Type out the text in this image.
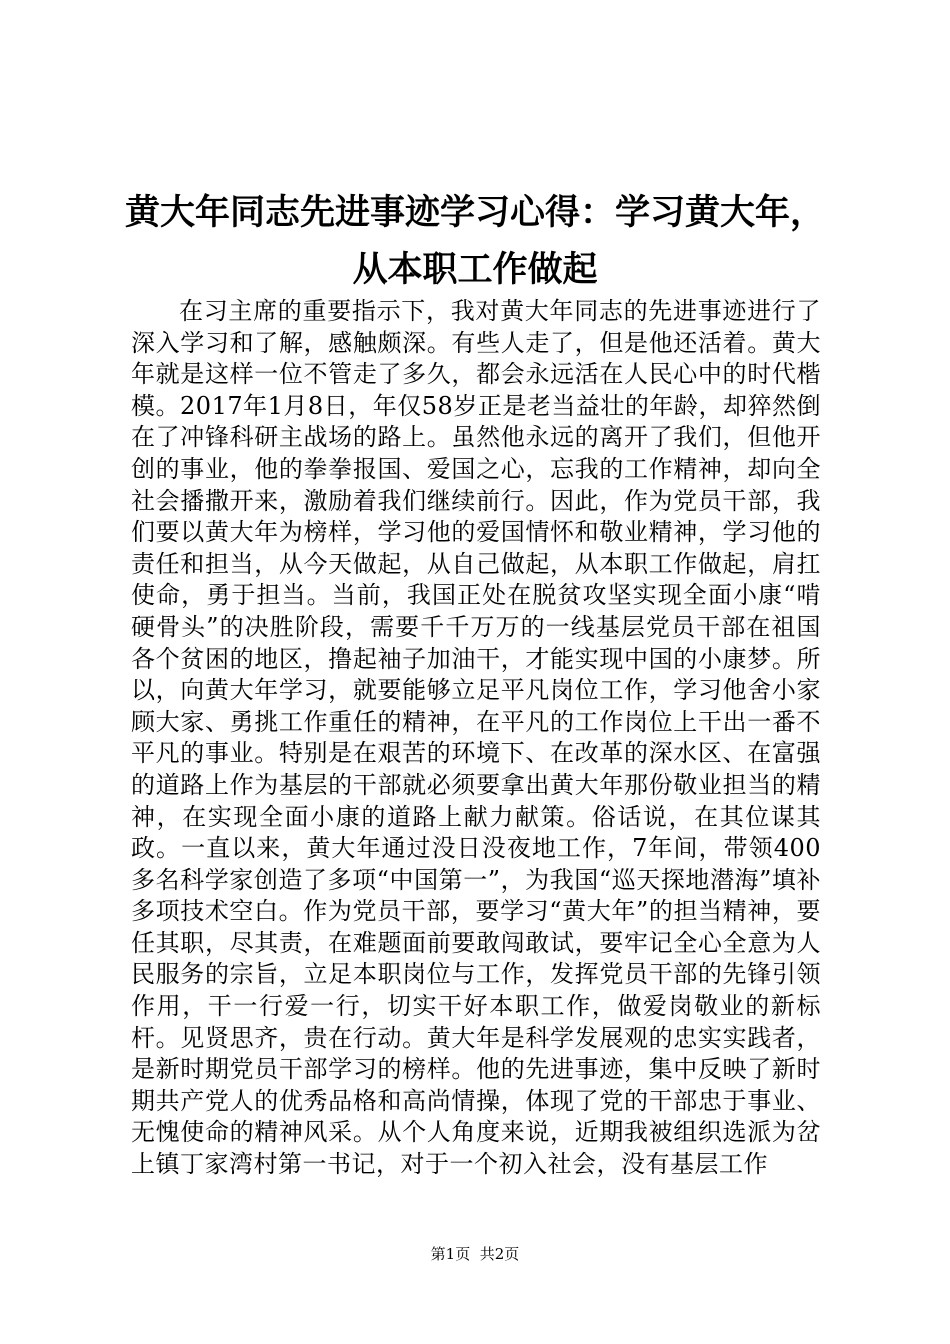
黄大年同志先进事迹学习心得：学习黄大年，
从本职工作做起

在习主席的重要指示下，我对黄大年同志的先进事迹进行了深入学习和了解，感触颇深。有些人走了，但是他还活着。黄大年就是这样一位不管走了多久，都会永远活在人民心中的时代楷模。2017年1月8日，年仅58岁正是老当益壮的年龄，却猝然倒在了冲锋科研主战场的路上。虽然他永远的离开了我们，但他开创的事业，他的拳拳报国、爱国之心，忘我的工作精神，却向全社会播撒开来，激励着我们继续前行。因此，作为党员干部，我们要以黄大年为榜样，学习他的爱国情怀和敬业精神，学习他的责任和担当，从今天做起，从自己做起，从本职工作做起，肩扛使命，勇于担当。当前，我国正处在脱贫攻坚实现全面小康“啃硬骨头”的决胜阶段，需要千千万万的一线基层党员干部在祖国各个贫困的地区，撸起袖子加油干，才能实现中国的小康梦。所以，向黄大年学习，就要能够立足平凡岗位工作，学习他舍小家顾大家、勇挑工作重任的精神，在平凡的工作岗位上干出一番不平凡的事业。特别是在艰苦的环境下、在改革的深水区、在富强的道路上作为基层的干部就必须要拿出黄大年那份敬业担当的精神，在实现全面小康的道路上献力献策。俗话说，在其位谋其政。一直以来，黄大年通过没日没夜地工作，7年间，带领400多名科学家创造了多项“中国第一”，为我国“巡天探地潜海”填补多项技术空白。作为党员干部，要学习“黄大年”的担当精神，要任其职，尽其责，在难题面前要敢闯敢试，要牢记全心全意为人民服务的宗旨，立足本职岗位与工作，发挥党员干部的先锋引领作用，干一行爱一行，切实干好本职工作，做爱岗敬业的新标杆。见贤思齐，贵在行动。黄大年是科学发展观的忠实实践者，是新时期党员干部学习的榜样。他的先进事迹，集中反映了新时期共产党人的优秀品格和高尚情操，体现了党的干部忠于事业、无愧使命的精神风采。从个人角度来说，近期我被组织选派为岔上镇丁家湾村第一书记，对于一个初入社会，没有基层工作

第1页 共2页
